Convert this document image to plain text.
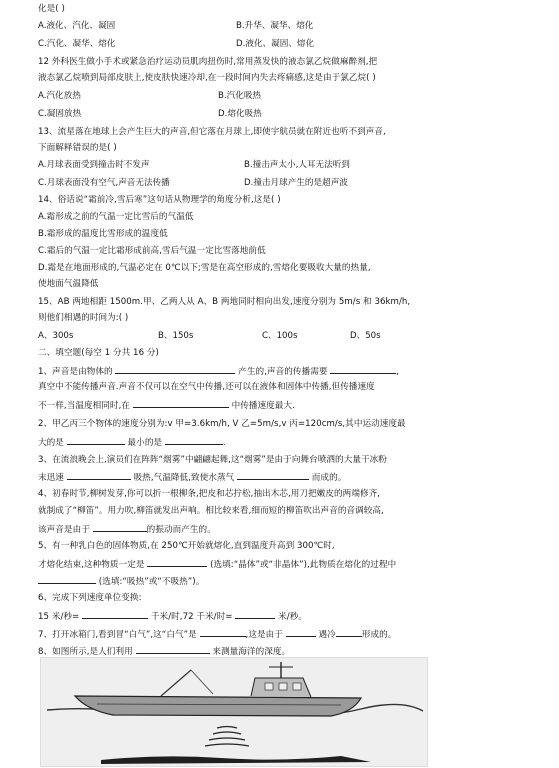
化是( )
A.液化、汽化、凝固	B.升华、凝华、熔化
C.汽化、凝华、熔化	D.液化、凝固、熔化
12 外科医生做小手术或紧急治疗运动员肌肉扭伤时,常用蒸发快的液态氯乙烷做麻醉剂,把
液态氯乙烷喷到局部皮肤上,使皮肤快速冷却,在一段时间内失去疼痛感,这是由于氯乙烷( )
A.汽化放热	B.汽化吸热
C.凝固放热	D.熔化吸热
13、流星落在地球上会产生巨大的声音,但它落在月球上,即使宇航员就在附近也听不到声音,
下面解释错误的是( )
A.月球表面受到撞击时不发声	B.撞击声太小,人耳无法听到
C.月球表面没有空气,声音无法传播	D.撞击月球产生的是超声波
14、俗话说“霜前冷,雪后寒”这句话从物理学的角度分析,这是( )
A.霜形成之前的气温一定比雪后的气温低
B.霜形成的温度比雪形成的温度低
C.霜后的气温一定比霜形成前高,雪后气温一定比雪落地前低
D.霜是在地面形成的,气温必定在 0℃以下;雪是在高空形成的,雪熔化要吸收大量的热量,
使地面气温降低
15、AB 两地相距 1500m.甲、乙两人从 A、B 两地同时相向出发,速度分别为 5m/s 和 36km/h,
则他们相遇的时间为:( )
A、300s	B、150s	C、100s	D、50s
二、填空题(每空 1 分共 16 分)
1、声音是由物体的	产生的,声音的传播需要	,
真空中不能传播声音.声音不仅可以在空气中传播,还可以在液体和固体中传播,但传播速度
不一样,当温度相同时,在	中传播速度最大.
2、甲乙丙三个物体的速度分别为:v 甲=3.6km/h, V 乙=5m/s,v 丙=120cm/s,其中运动速度最
大的是	最小的是	.
3、在流浪晚会上,演员们在阵阵“烟雾”中翩翩起舞,这“烟雾”是由于向舞台喷洒的大量干冰粉
末迅速	吸热,气温降低,致使水蒸气	而成的。
4、初春时节,柳树发芽,你可以折一根柳条,把皮和芯拧松,抽出木芯,用刀把嫩皮的两端修齐,
就制成了“柳笛”。用力吹,柳笛就发出声响。相比较来看,细而短的柳笛吹出声音的音调较高,
该声音是由于	的振动而产生的。
5、有一种乳白色的固体物质,在 250℃开始就熔化,直到温度升高到 300℃时,
才熔化结束,这种物质一定是	(选填:“晶体”或“非晶体”),此物质在熔化的过程中
(选填:“吸热”或“不吸热”)。
6、完成下列速度单位变换:
15 米/秒=	千米/时,72 千米/时=	米/秒。
7、打开冰箱门,看到冒“白气”,这“白气”是	,这是由于	遇冷	形成的。
8、如图所示,是人们利用	来测量海洋的深度。
